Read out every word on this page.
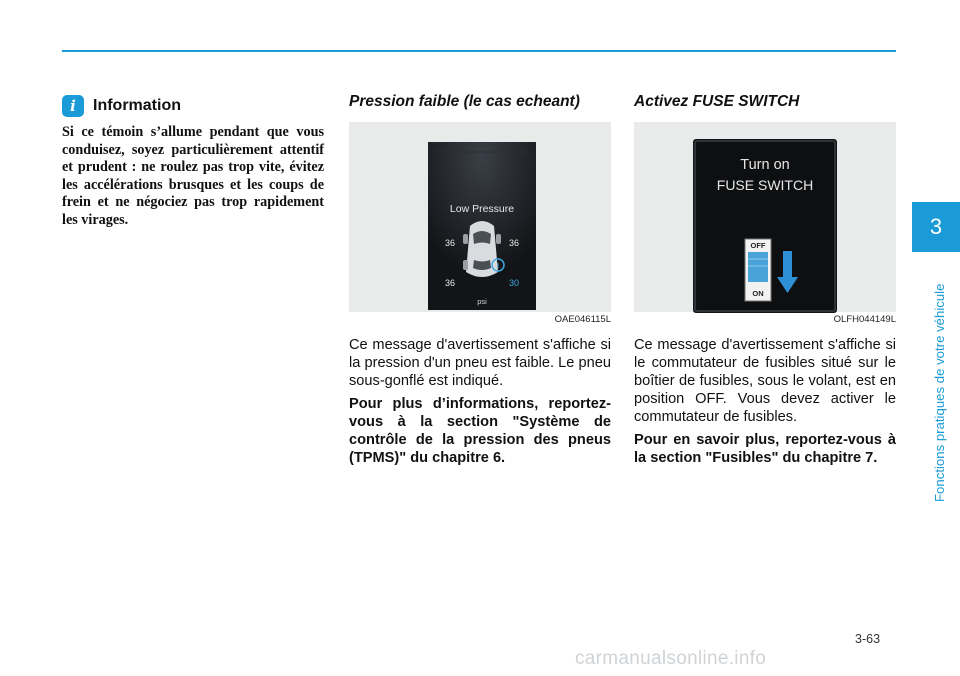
i	Information
Si ce témoin s’allume pendant que vous conduisez, soyez particulièrement attentif et prudent : ne roulez pas trop vite, évitez les accélérations brusques et les coups de frein et ne négociez pas trop rapidement les virages.
Pression faible (le cas echeant)
Low Pressure
!
36	36
36	30
psi
OAE046115L

Ce message d'avertissement s'affiche si la pression d'un pneu est faible. Le pneu sous-gonflé est indiqué.

Pour plus d’informations, reportez-vous à la section "Système de contrôle de la pression des pneus (TPMS)" du chapitre 6.

Activez FUSE SWITCH
Turn on
FUSE SWITCH
OFF
ON
OLFH044149L

Ce message d'avertissement s'affiche si le commutateur de fusibles situé sur le boîtier de fusibles, sous le volant, est en position OFF. Vous devez activer le commutateur de fusibles.

Pour en savoir plus, reportez-vous à la section "Fusibles" du chapitre 7.

3
Fonctions pratiques de votre véhicule
3-63
carmanualsonline.info
